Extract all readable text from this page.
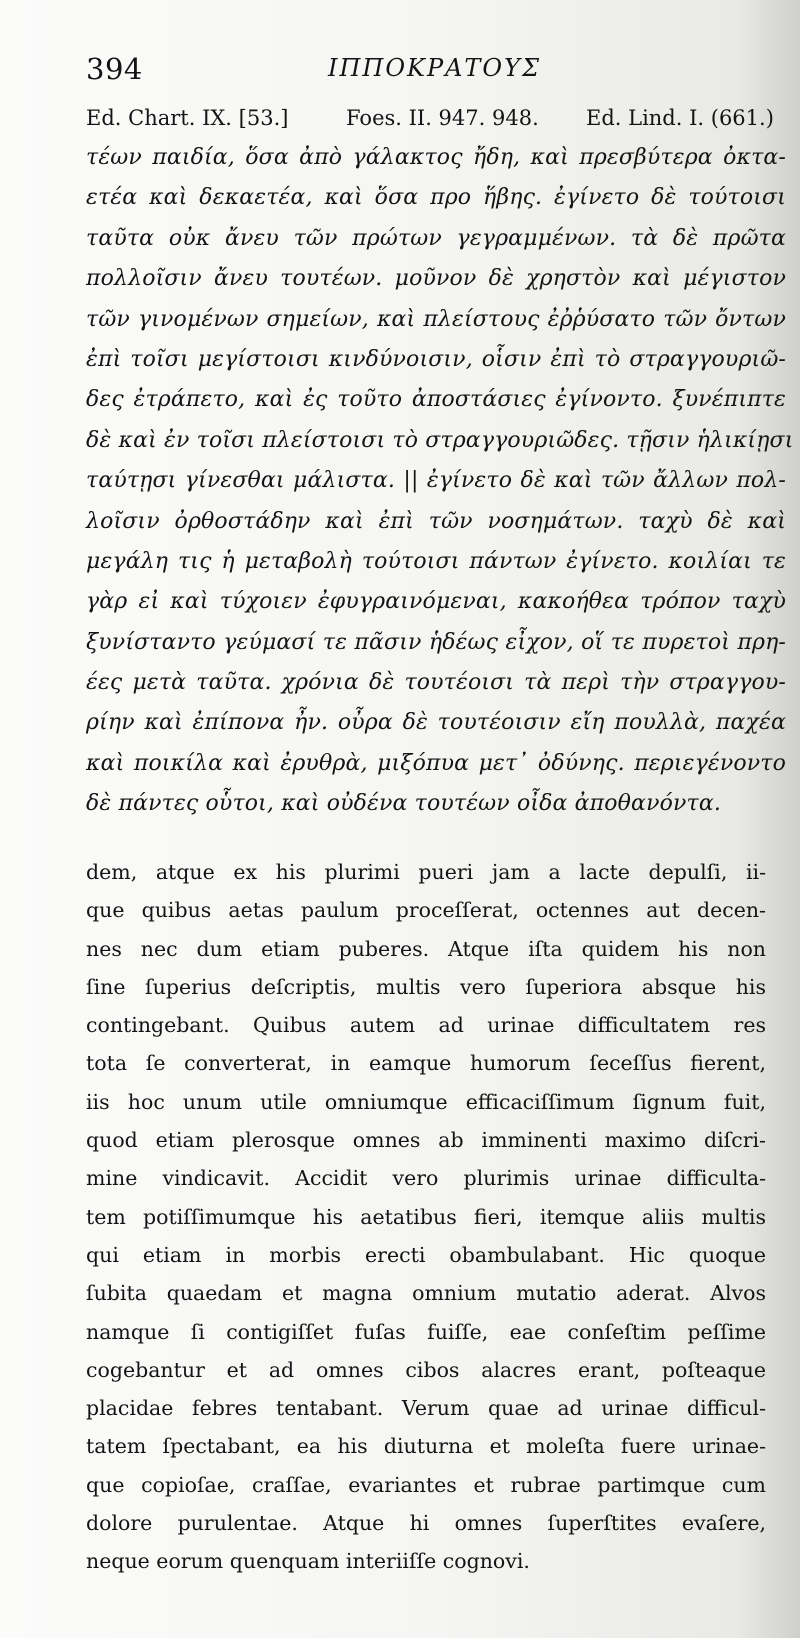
394	ΙΠΠΟΚΡΑΤΟΥΣ
Ed. Chart. IX. [53.]	Foes. II. 947. 948. Ed. Lind. I. (661.)
τέων παιδία, ὅσα ἀπὸ γάλακτος ἤδη, καὶ πρεσβύτερα ὀκτα-
ετέα καὶ δεκαετέα, καὶ ὅσα προ ἥβης. ἐγίνετο δὲ τούτοισι
ταῦτα οὐκ ἄνευ τῶν πρώτων γεγραμμένων. τὰ δὲ πρῶτα
πολλοῖσιν ἄνευ τουτέων. μοῦνον δὲ χρηστὸν καὶ μέγιστον
τῶν γινομένων σημείων, καὶ πλείστους ἐῤῥύσατο τῶν ὄντων
ἐπὶ τοῖσι μεγίστοισι κινδύνοισιν, οἷσιν ἐπὶ τὸ στραγγουριῶ-
δες ἐτράπετο, καὶ ἐς τοῦτο ἀποστάσιες ἐγίνοντο. ξυνέπιπτε
δὲ καὶ ἐν τοῖσι πλείστοισι τὸ στραγγουριῶδες. τῇσιν ἡλικίῃσι
ταύτῃσι γίνεσθαι μάλιστα. || ἐγίνετο δὲ καὶ τῶν ἄλλων πολ-
λοῖσιν ὀρθοστάδην καὶ ἐπὶ τῶν νοσημάτων. ταχὺ δὲ καὶ
μεγάλη τις ἡ μεταβολὴ τούτοισι πάντων ἐγίνετο. κοιλίαι τε
γὰρ εἰ καὶ τύχοιεν ἐφυγραινόμεναι, κακοήθεα τρόπον ταχὺ
ξυνίσταντο γεύμασί τε πᾶσιν ἡδέως εἶχον, οἵ τε πυρετοὶ πρη-
έες μετὰ ταῦτα. χρόνια δὲ τουτέοισι τὰ περὶ τὴν στραγγου-
ρίην καὶ ἐπίπονα ἦν. οὖρα δὲ τουτέοισιν εἴη πουλλὰ, παχέα
καὶ ποικίλα καὶ ἐρυθρὰ, μιξόπυα μετ᾽ ὀδύνης. περιεγένοντο
δὲ πάντες οὗτοι, καὶ οὐδένα τουτέων οἶδα ἀποθανόντα.
dem, atque ex his plurimi pueri jam a lacte depulſi, ii-
que quibus aetas paulum proceſſerat, octennes aut decen-
nes nec dum etiam puberes. Atque iſta quidem his non
ſine ſuperius deſcriptis, multis vero ſuperiora absque his
contingebant. Quibus autem ad urinae difficultatem res
tota ſe converterat, in eamque humorum ſeceſſus fierent,
iis hoc unum utile omniumque efficaciſſimum ſignum fuit,
quod etiam plerosque omnes ab imminenti maximo diſcri-
mine vindicavit. Accidit vero plurimis urinae difficulta-
tem potiſſimumque his aetatibus fieri, itemque aliis multis
qui etiam in morbis erecti obambulabant. Hic quoque
ſubita quaedam et magna omnium mutatio aderat. Alvos
namque ſi contigiſſet fuſas fuiſſe, eae conſeſtim peſſime
cogebantur et ad omnes cibos alacres erant, poſteaque
placidae febres tentabant. Verum quae ad urinae difficul-
tatem ſpectabant, ea his diuturna et moleſta fuere urinae-
que copioſae, craſſae, evariantes et rubrae partimque cum
dolore purulentae. Atque hi omnes ſuperſtites evaſere,
neque eorum quenquam interiiſſe cognovi.
